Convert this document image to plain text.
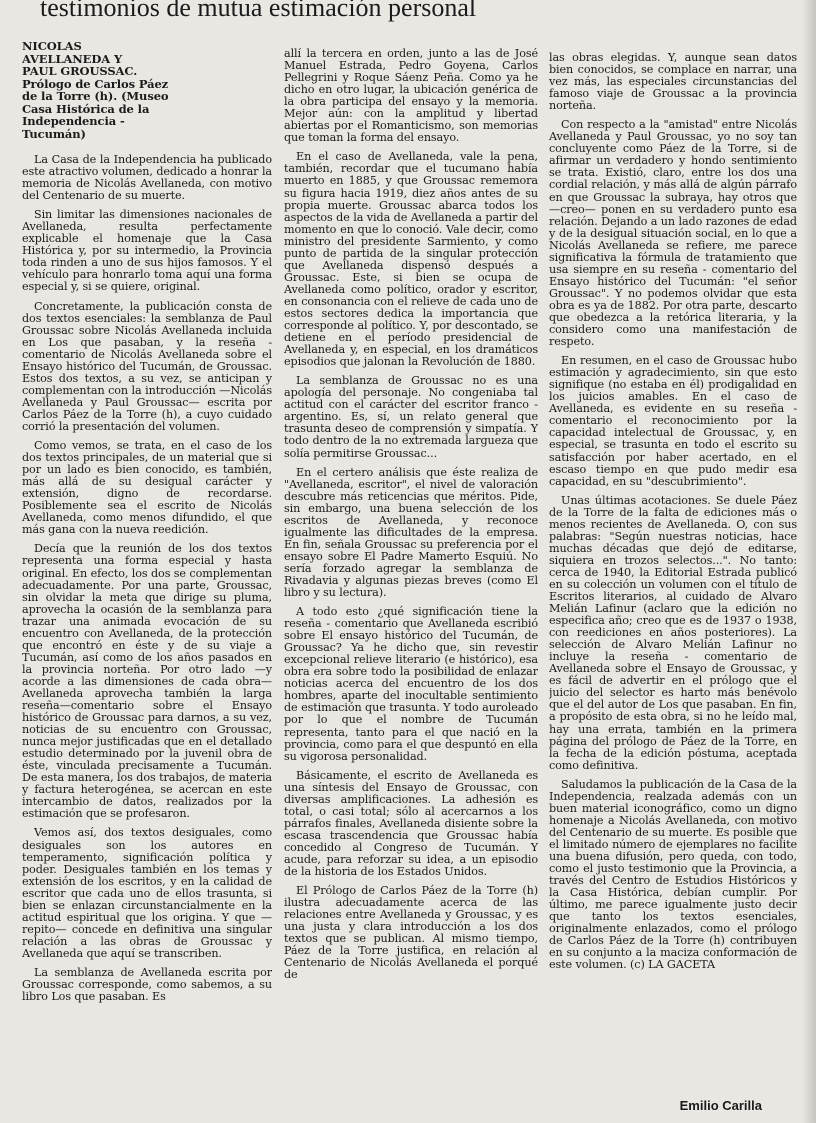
testimonios de mutua estimación personal
NICOLAS
AVELLANEDA Y
PAUL GROUSSAC.
Prólogo de Carlos Páez
de la Torre (h). (Museo
Casa Histórica de la
Independencia -
Tucumán)

La Casa de la Independencia ha publicado este atractivo volumen, dedicado a honrar la memoria de Nicolás Avellaneda, con motivo del Centenario de su muerte.

Sin limitar las dimensiones nacionales de Avellaneda, resulta perfectamente explicable el homenaje que la Casa Histórica y, por su intermedio, la Provincia toda rinden a uno de sus hijos famosos. Y el vehículo para honrarlo toma aquí una forma especial y, si se quiere, original.

Concretamente, la publicación consta de dos textos esenciales: la semblanza de Paul Groussac sobre Nicolás Avellaneda incluida en Los que pasaban, y la reseña - comentario de Nicolás Avellaneda sobre el Ensayo histórico del Tucumán, de Groussac. Estos dos textos, a su vez, se anticipan y complementan con la introducción —Nicolás Avellaneda y Paul Groussac— escrita por Carlos Páez de la Torre (h), a cuyo cuidado corrió la presentación del volumen.

Como vemos, se trata, en el caso de los dos textos principales, de un material que si por un lado es bien conocido, es también, más allá de su desigual carácter y extensión, digno de recordarse. Posiblemente sea el escrito de Nicolás Avellaneda, como menos difundido, el que más gana con la nueva reedición.

Decía que la reunión de los dos textos representa una forma especial y hasta original. En efecto, los dos se complementan adecuadamente. Por una parte, Groussac, sin olvidar la meta que dirige su pluma, aprovecha la ocasión de la semblanza para trazar una animada evocación de su encuentro con Avellaneda, de la protección que encontró en éste y de su viaje a Tucumán, así como de los años pasados en la provincia norteña. Por otro lado —y acorde a las dimensiones de cada obra— Avellaneda aprovecha también la larga reseña—comentario sobre el Ensayo histórico de Groussac para darnos, a su vez, noticias de su encuentro con Groussac, nunca mejor justificadas que en el detallado estudio determinado por la juvenil obra de éste, vinculada precisamente a Tucumán. De esta manera, los dos trabajos, de materia y factura heterogénea, se acercan en este intercambio de datos, realizados por la estimación que se profesaron.

Vemos así, dos textos desiguales, como desiguales son los autores en temperamento, significación política y poder. Desiguales también en los temas y extensión de los escritos, y en la calidad de escritor que cada uno de ellos trasunta, si bien se enlazan circunstancialmente en la actitud espiritual que los origina. Y que —repito— concede en definitiva una singular relación a las obras de Groussac y Avellaneda que aquí se transcriben.

La semblanza de Avellaneda escrita por Groussac corresponde, como sabemos, a su libro Los que pasaban. Es

allí la tercera en orden, junto a las de José Manuel Estrada, Pedro Goyena, Carlos Pellegrini y Roque Sáenz Peña. Como ya he dicho en otro lugar, la ubicación genérica de la obra participa del ensayo y la memoria. Mejor aún: con la amplitud y libertad abiertas por el Romanticismo, son memorias que toman la forma del ensayo.

En el caso de Avellaneda, vale la pena, también, recordar que el tucumano había muerto en 1885, y que Groussac rememora su figura hacia 1919, diez años antes de su propia muerte. Groussac abarca todos los aspectos de la vida de Avellaneda a partir del momento en que lo conoció. Vale decir, como ministro del presidente Sarmiento, y como punto de partida de la singular protección que Avellaneda dispensó después a Groussac. Este, si bien se ocupa de Avellaneda como político, orador y escritor, en consonancia con el relieve de cada uno de estos sectores dedica la importancia que corresponde al político. Y, por descontado, se detiene en el período presidencial de Avellaneda y, en especial, en los dramáticos episodios que jalonan la Revolución de 1880.

La semblanza de Groussac no es una apología del personaje. No congeniaba tal actitud con el carácter del escritor franco - argentino. Es, sí, un relato general que trasunta deseo de comprensión y simpatía. Y todo dentro de la no extremada largueza que solía permitirse Groussac...

En el certero análisis que éste realiza de "Avellaneda, escritor", el nivel de valoración descubre más reticencias que méritos. Pide, sin embargo, una buena selección de los escritos de Avellaneda, y reconoce igualmente las dificultades de la empresa. En fin, señala Groussac su preferencia por el ensayo sobre El Padre Mamerto Esquiú. No sería forzado agregar la semblanza de Rivadavia y algunas piezas breves (como El libro y su lectura).

A todo esto ¿qué significación tiene la reseña - comentario que Avellaneda escribió sobre El ensayo histórico del Tucumán, de Groussac? Ya he dicho que, sin revestir excepcional relieve literario (e histórico), esa obra era sobre todo la posibilidad de enlazar noticias acerca del encuentro de los dos hombres, aparte del inocultable sentimiento de estimación que trasunta. Y todo auroleado por lo que el nombre de Tucumán representa, tanto para el que nació en la provincia, como para el que despuntó en ella su vigorosa personalidad.

Básicamente, el escrito de Avellaneda es una síntesis del Ensayo de Groussac, con diversas amplificaciones. La adhesión es total, o casi total; sólo al acercarnos a los párrafos finales, Avellaneda disiente sobre la escasa trascendencia que Groussac había concedido al Congreso de Tucumán. Y acude, para reforzar su idea, a un episodio de la historia de los Estados Unidos.

El Prólogo de Carlos Páez de la Torre (h) ilustra adecuadamente acerca de las relaciones entre Avellaneda y Groussac, y es una justa y clara introducción a los dos textos que se publican. Al mismo tiempo, Páez de la Torre justifica, en relación al Centenario de Nicolás Avellaneda el porqué de

las obras elegidas. Y, aunque sean datos bien conocidos, se complace en narrar, una vez más, las especiales circunstancias del famoso viaje de Groussac a la provincia norteña.

Con respecto a la "amistad" entre Nicolás Avellaneda y Paul Groussac, yo no soy tan concluyente como Páez de la Torre, si de afirmar un verdadero y hondo sentimiento se trata. Existió, claro, entre los dos una cordial relación, y más allá de algún párrafo en que Groussac la subraya, hay otros que —creo— ponen en su verdadero punto esa relación. Dejando a un lado razones de edad y de la desigual situación social, en lo que a Nicolás Avellaneda se refiere, me parece significativa la fórmula de tratamiento que usa siempre en su reseña - comentario del Ensayo histórico del Tucumán: "el señor Groussac". Y no podemos olvidar que esta obra es ya de 1882. Por otra parte, descarto que obedezca a la retórica literaria, y la considero como una manifestación de respeto.

En resumen, en el caso de Groussac hubo estimación y agradecimiento, sin que esto signifique (no estaba en él) prodigalidad en los juicios amables. En el caso de Avellaneda, es evidente en su reseña - comentario el reconocimiento por la capacidad intelectual de Groussac, y, en especial, se trasunta en todo el escrito su satisfacción por haber acertado, en el escaso tiempo en que pudo medir esa capacidad, en su "descubrimiento".

Unas últimas acotaciones. Se duele Páez de la Torre de la falta de ediciones más o menos recientes de Avellaneda. O, con sus palabras: "Según nuestras noticias, hace muchas décadas que dejó de editarse, siquiera en trozos selectos...". No tanto: cerca de 1940, la Editorial Estrada publicó en su colección un volumen con el título de Escritos literarios, al cuidado de Alvaro Melián Lafinur (aclaro que la edición no especifica año; creo que es de 1937 o 1938, con reediciones en años posteriores). La selección de Alvaro Melián Lafinur no incluye la reseña - comentario de Avellaneda sobre el Ensayo de Groussac, y es fácil de advertir en el prólogo que el juicio del selector es harto más benévolo que el del autor de Los que pasaban. En fin, a propósito de esta obra, si no he leído mal, hay una errata, también en la primera página del prólogo de Páez de la Torre, en la fecha de la edición póstuma, aceptada como definitiva.

Saludamos la publicación de la Casa de la Independencia, realzada además con un buen material iconográfico, como un digno homenaje a Nicolás Avellaneda, con motivo del Centenario de su muerte. Es posible que el limitado número de ejemplares no facilite una buena difusión, pero queda, con todo, como el justo testimonio que la Provincia, a través del Centro de Estudios Históricos y la Casa Histórica, debían cumplir. Por último, me parece igualmente justo decir que tanto los textos esenciales, originalmente enlazados, como el prólogo de Carlos Páez de la Torre (h) contribuyen en su conjunto a la maciza conformación de este volumen. (c) LA GACETA

Emilio Carilla
